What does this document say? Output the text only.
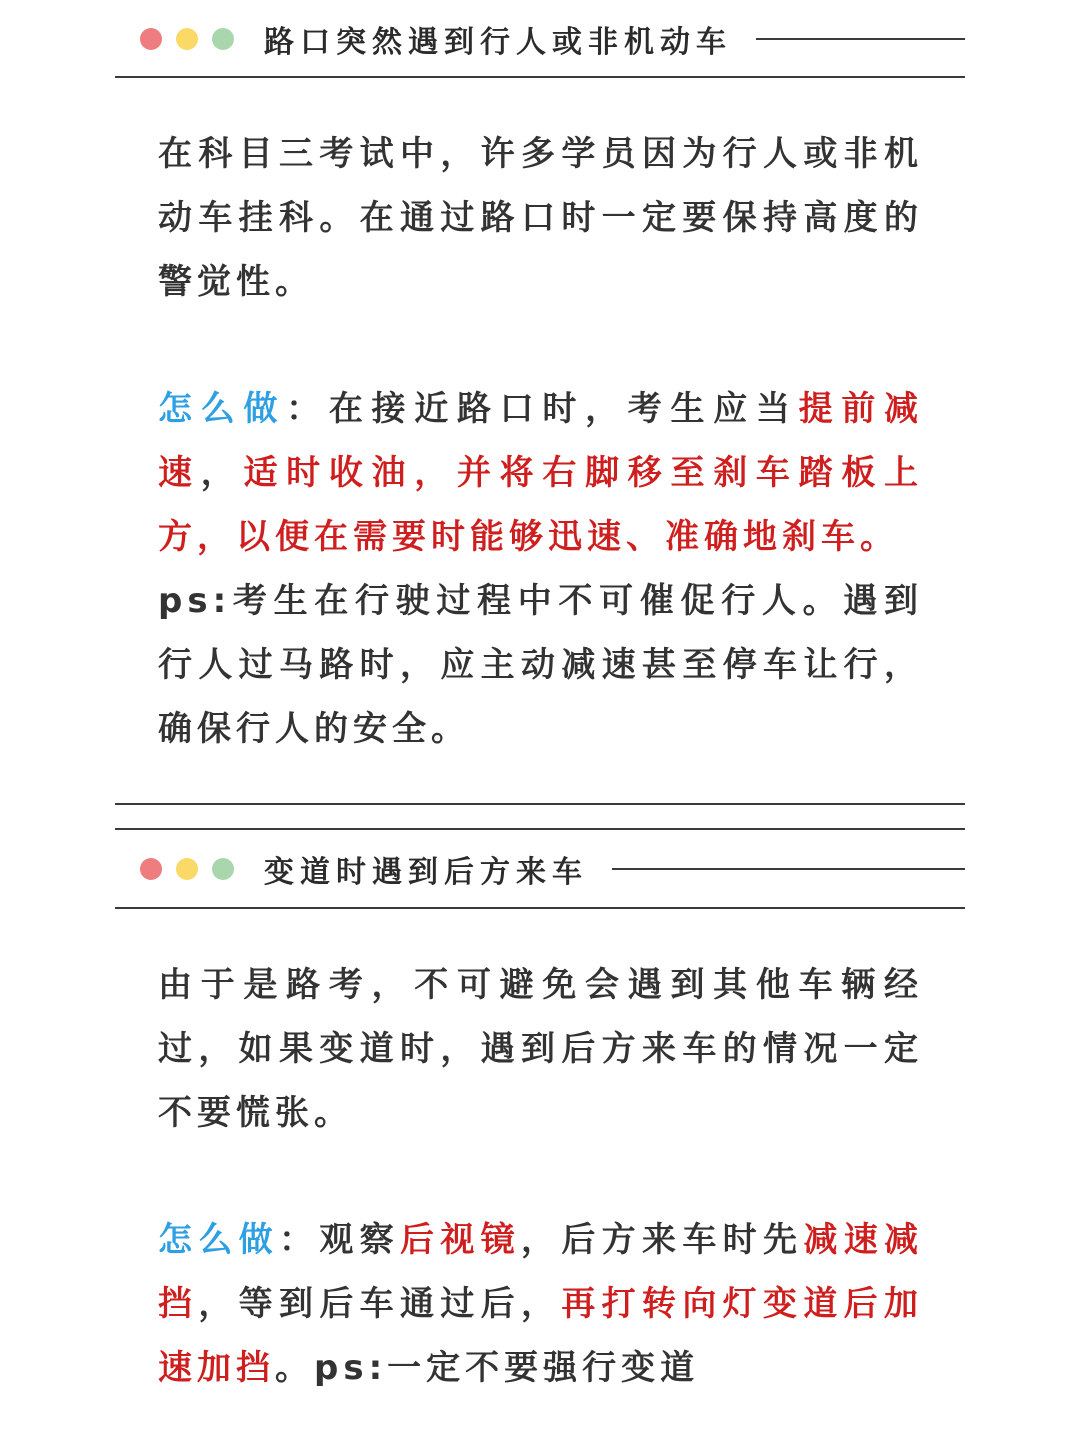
路口突然遇到行人或非机动车
在科目三考试中，许多学员因为行人或非机动车挂科。在通过路口时一定要保持高度的警觉性。
怎么做：在接近路口时，考生应当提前减速，适时收油，并将右脚移至刹车踏板上方，以便在需要时能够迅速、准确地刹车。
ps:考生在行驶过程中不可催促行人。遇到行人过马路时，应主动减速甚至停车让行，确保行人的安全。
变道时遇到后方来车
由于是路考，不可避免会遇到其他车辆经过，如果变道时，遇到后方来车的情况一定不要慌张。
怎么做：观察后视镜，后方来车时先减速减挡，等到后车通过后，再打转向灯变道后加速加挡。ps:一定不要强行变道
